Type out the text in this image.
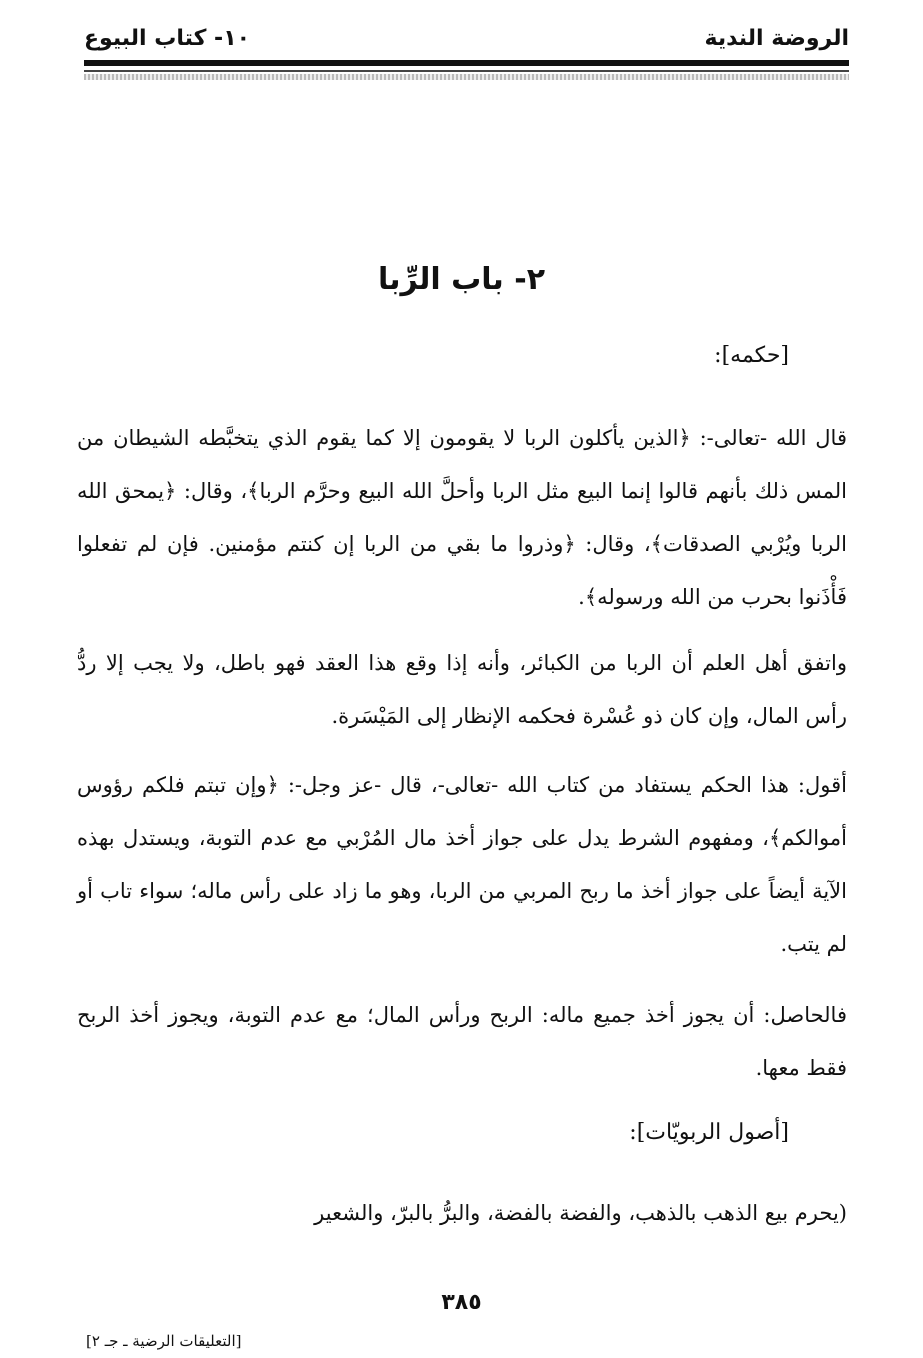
الروضة الندية
١٠- كتاب البيوع
٢- باب الرِّبا
[حكمه]:
قال الله -تعالى-: ﴿الذين يأكلون الربا لا يقومون إلا كما يقوم الذي يتخبَّطه الشيطان من المس ذلك بأنهم قالوا إنما البيع مثل الربا وأحلَّ الله البيع وحرَّم الربا﴾، وقال: ﴿يمحق الله الربا ويُرْبي الصدقات﴾، وقال: ﴿وذروا ما بقي من الربا إن كنتم مؤمنين. فإن لم تفعلوا فَأْذَنوا بحرب من الله ورسوله﴾.
واتفق أهل العلم أن الربا من الكبائر، وأنه إذا وقع هذا العقد فهو باطل، ولا يجب إلا ردُّ رأس المال، وإن كان ذو عُسْرة فحكمه الإنظار إلى المَيْسَرة.
أقول: هذا الحكم يستفاد من كتاب الله -تعالى-، قال -عز وجل-: ﴿وإن تبتم فلكم رؤوس أموالكم﴾، ومفهوم الشرط يدل على جواز أخذ مال المُرْبي مع عدم التوبة، ويستدل بهذه الآية أيضاً على جواز أخذ ما ربح المربي من الربا، وهو ما زاد على رأس ماله؛ سواء تاب أو لم يتب.
فالحاصل: أن يجوز أخذ جميع ماله: الربح ورأس المال؛ مع عدم التوبة، ويجوز أخذ الربح فقط معها.
[أصول الربويّات]:
(يحرم بيع الذهب بالذهب، والفضة بالفضة، والبرُّ بالبرّ، والشعير
٣٨٥
[التعليقات الرضية ـ جـ ٢]
